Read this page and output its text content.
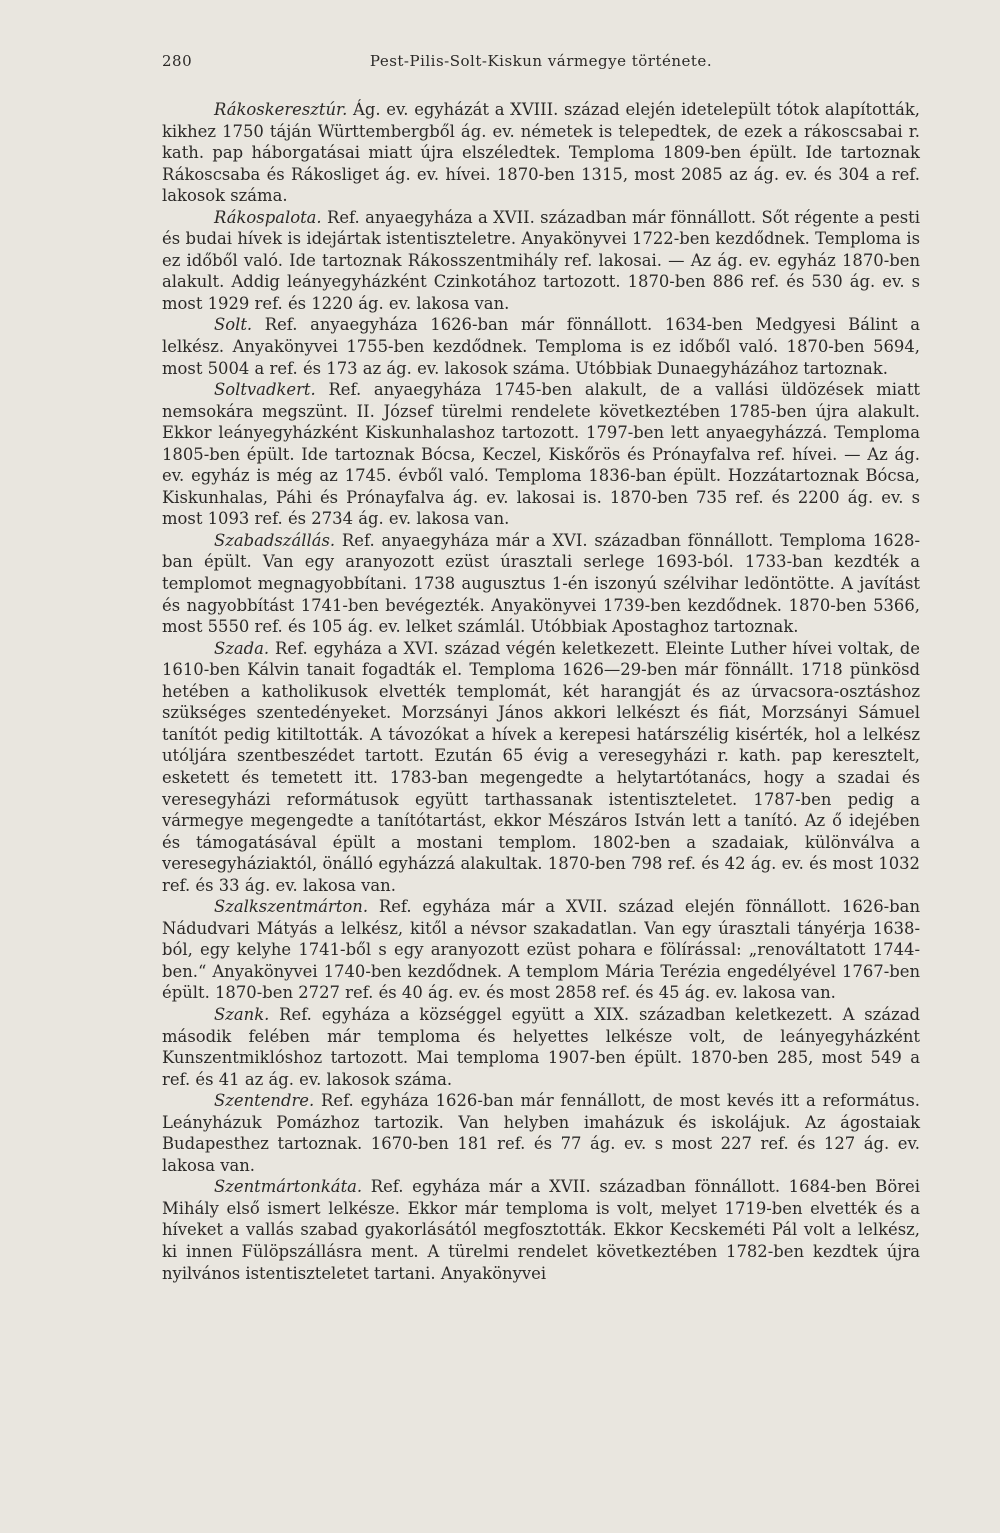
280	Pest-Pilis-Solt-Kiskun vármegye története.

Rákoskeresztúr. Ág. ev. egyházát a XVIII. század elején idetelepült tótok alapították, kikhez 1750 táján Württembergből ág. ev. németek is telepedtek, de ezek a rákoscsabai r. kath. pap háborgatásai miatt újra elszéledtek. Temploma 1809-ben épült. Ide tartoznak Rákoscsaba és Rákosliget ág. ev. hívei. 1870-ben 1315, most 2085 az ág. ev. és 304 a ref. lakosok száma.

Rákospalota. Ref. anyaegyháza a XVII. században már fönnállott. Sőt régente a pesti és budai hívek is idejártak istentiszteletre. Anyakönyvei 1722-ben kezdődnek. Temploma is ez időből való. Ide tartoznak Rákosszentmihály ref. lakosai. — Az ág. ev. egyház 1870-ben alakult. Addig leányegyházként Czinkotához tartozott. 1870-ben 886 ref. és 530 ág. ev. s most 1929 ref. és 1220 ág. ev. lakosa van.

Solt. Ref. anyaegyháza 1626-ban már fönnállott. 1634-ben Medgyesi Bálint a lelkész. Anyakönyvei 1755-ben kezdődnek. Temploma is ez időből való. 1870-ben 5694, most 5004 a ref. és 173 az ág. ev. lakosok száma. Utóbbiak Dunaegyházához tartoznak.

Soltvadkert. Ref. anyaegyháza 1745-ben alakult, de a vallási üldözések miatt nemsokára megszünt. II. József türelmi rendelete következtében 1785-ben újra alakult. Ekkor leányegyházként Kiskunhalashoz tartozott. 1797-ben lett anyaegyházzá. Temploma 1805-ben épült. Ide tartoznak Bócsa, Keczel, Kiskőrös és Prónayfalva ref. hívei. — Az ág. ev. egyház is még az 1745. évből való. Temploma 1836-ban épült. Hozzátartoznak Bócsa, Kiskunhalas, Páhi és Prónayfalva ág. ev. lakosai is. 1870-ben 735 ref. és 2200 ág. ev. s most 1093 ref. és 2734 ág. ev. lakosa van.

Szabadszállás. Ref. anyaegyháza már a XVI. században fönnállott. Temploma 1628-ban épült. Van egy aranyozott ezüst úrasztali serlege 1693-ból. 1733-ban kezdték a templomot megnagyobbítani. 1738 augusztus 1-én iszonyú szélvihar ledöntötte. A javítást és nagyobbítást 1741-ben bevégezték. Anyakönyvei 1739-ben kezdődnek. 1870-ben 5366, most 5550 ref. és 105 ág. ev. lelket számlál. Utóbbiak Apostaghoz tartoznak.

Szada. Ref. egyháza a XVI. század végén keletkezett. Eleinte Luther hívei voltak, de 1610-ben Kálvin tanait fogadták el. Temploma 1626—29-ben már fönnállt. 1718 pünkösd hetében a katholikusok elvették templomát, két harangját és az úrvacsora-osztáshoz szükséges szentedényeket. Morzsányi János akkori lelkészt és fiát, Morzsányi Sámuel tanítót pedig kitiltották. A távozókat a hívek a kerepesi határszélig kisérték, hol a lelkész utóljára szentbeszédet tartott. Ezután 65 évig a veresegyházi r. kath. pap keresztelt, esketett és temetett itt. 1783-ban megengedte a helytartótanács, hogy a szadai és veresegyházi reformátusok együtt tarthassanak istentiszteletet. 1787-ben pedig a vármegye megengedte a tanítótartást, ekkor Mészáros István lett a tanító. Az ő idejében és támogatásával épült a mostani templom. 1802-ben a szadaiak, különválva a veresegyháziaktól, önálló egyházzá alakultak. 1870-ben 798 ref. és 42 ág. ev. és most 1032 ref. és 33 ág. ev. lakosa van.

Szalkszentmárton. Ref. egyháza már a XVII. század elején fönnállott. 1626-ban Nádudvari Mátyás a lelkész, kitől a névsor szakadatlan. Van egy úrasztali tányérja 1638-ból, egy kelyhe 1741-ből s egy aranyozott ezüst pohara e fölírással: „renováltatott 1744-ben.“ Anyakönyvei 1740-ben kezdődnek. A templom Mária Terézia engedélyével 1767-ben épült. 1870-ben 2727 ref. és 40 ág. ev. és most 2858 ref. és 45 ág. ev. lakosa van.

Szank. Ref. egyháza a községgel együtt a XIX. században keletkezett. A század második felében már temploma és helyettes lelkésze volt, de leányegyházként Kunszentmiklóshoz tartozott. Mai temploma 1907-ben épült. 1870-ben 285, most 549 a ref. és 41 az ág. ev. lakosok száma.

Szentendre. Ref. egyháza 1626-ban már fennállott, de most kevés itt a református. Leányházuk Pomázhoz tartozik. Van helyben imaházuk és iskolájuk. Az ágostaiak Budapesthez tartoznak. 1670-ben 181 ref. és 77 ág. ev. s most 227 ref. és 127 ág. ev. lakosa van.

Szentmártonkáta. Ref. egyháza már a XVII. században fönnállott. 1684-ben Börei Mihály első ismert lelkésze. Ekkor már temploma is volt, melyet 1719-ben elvették és a híveket a vallás szabad gyakorlásától megfosztották. Ekkor Kecskeméti Pál volt a lelkész, ki innen Fülöpszállásra ment. A türelmi rendelet következtében 1782-ben kezdtek újra nyilvános istentiszteletet tartani. Anyakönyvei
